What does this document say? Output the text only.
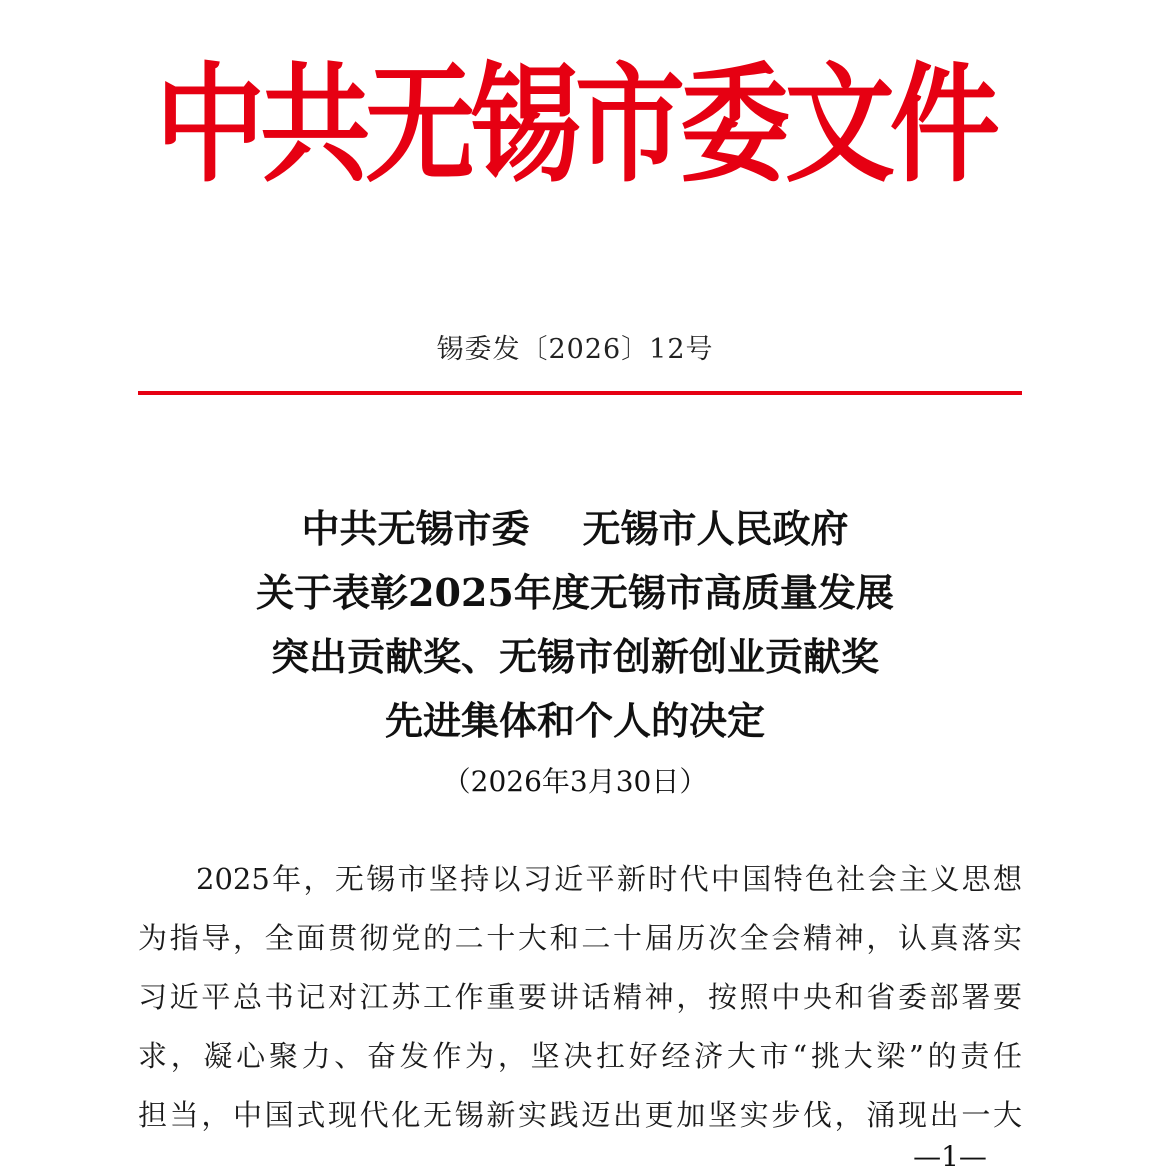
中共无锡市委文件
锡委发〔2026〕12号
中共无锡市委    无锡市人民政府
关于表彰2025年度无锡市高质量发展
突出贡献奖、无锡市创新创业贡献奖
先进集体和个人的决定
（2026年3月30日）
2025年，无锡市坚持以习近平新时代中国特色社会主义思想
为指导，全面贯彻党的二十大和二十届历次全会精神，认真落实
习近平总书记对江苏工作重要讲话精神，按照中央和省委部署要
求，凝心聚力、奋发作为，坚决扛好经济大市“挑大梁”的责任
担当，中国式现代化无锡新实践迈出更加坚实步伐，涌现出一大
—1—
